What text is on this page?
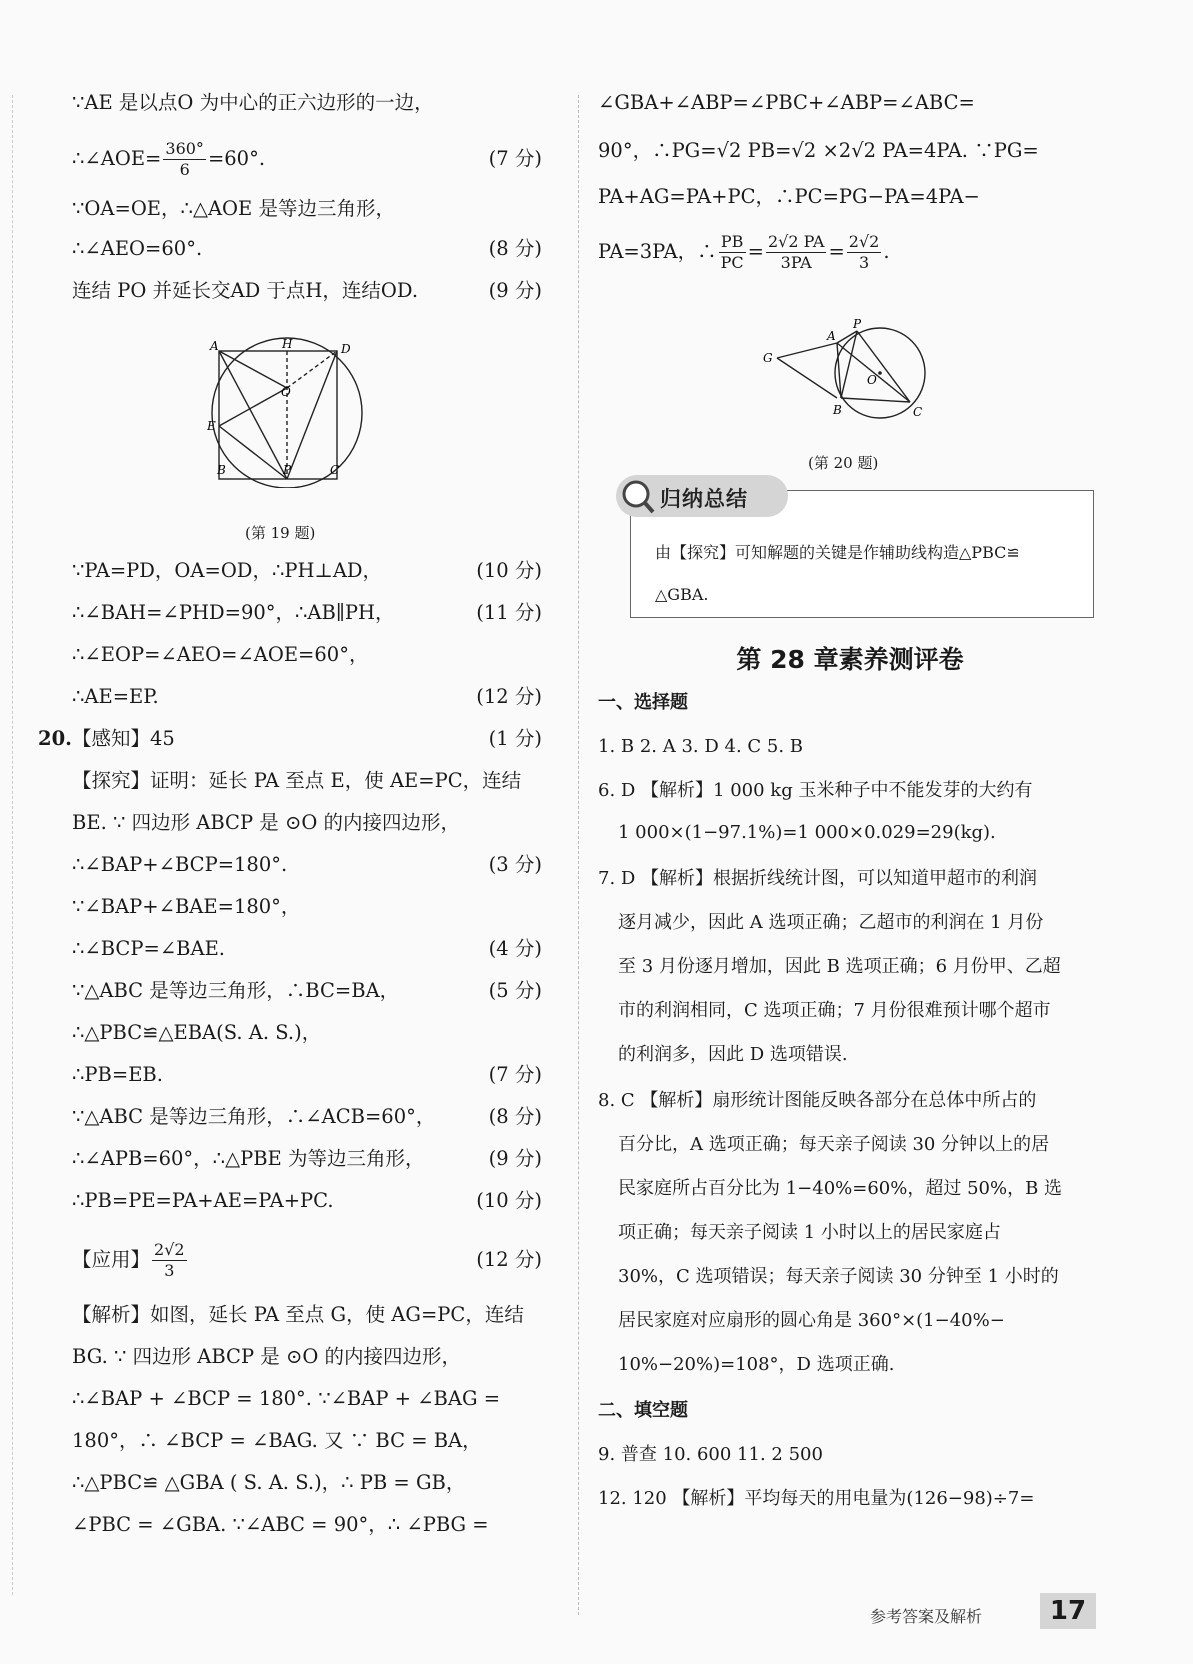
∵AE 是以点O 为中心的正六边形的一边，
∴∠AOE= $\frac{360^\circ}{6} =60^\circ$.	(7 分)
∵OA=OE，∴△AOE 是等边三角形，
∴∠AEO=60°.	(8 分)
连结 PO 并延长交AD 于点H，连结OD.	(9 分)
A	H	D
O
E
B	P	C
(第 19 题)
∵PA=PD，OA=OD，∴PH⊥AD，	(10 分)
∴∠BAH=∠PHD=90°，∴AB∥PH，	(11 分)
∴∠EOP=∠AEO=∠AOE=60°，
∴AE=EP.	(12 分)
20.【感知】45	(1 分)
【探究】证明：延长 PA 至点 E，使 AE=PC，连结
BE. ∵ 四边形 ABCP 是 ⊙O 的内接四边形，
∴∠BAP+∠BCP=180°.	(3 分)
∵∠BAP+∠BAE=180°，
∴∠BCP=∠BAE.	(4 分)
∵△ABC 是等边三角形，∴BC=BA，	(5 分)
∴△PBC≌△EBA(S. A. S.)，
∴PB=EB.	(7 分)
∵△ABC 是等边三角形，∴∠ACB=60°，	(8 分)
∴∠APB=60°，∴△PBE 为等边三角形，	(9 分)
∴PB=PE=PA+AE=PA+PC.	(10 分)
【应用】 $\frac{2√2}{3}$	(12 分)
【解析】如图，延长 PA 至点 G，使 AG=PC，连结
BG. ∵ 四边形 ABCP 是 ⊙O 的内接四边形，
∴∠BAP + ∠BCP = 180°. ∵∠BAP + ∠BAG =
180°，∴ ∠BCP = ∠BAG. 又 ∵ BC = BA，
∴△PBC≌ △GBA ( S. A. S.)，∴ PB = GB，
∠PBC = ∠GBA. ∵∠ABC = 90°，∴ ∠PBG =
∠GBA+∠ABP=∠PBC+∠ABP=∠ABC=
90°，∴PG=√2 PB=√2 ×2√2 PA=4PA. ∵PG=
PA+AG=PA+PC，∴PC=PG−PA=4PA−
PA=3PA，∴ $\frac{PB}{PC} = \frac{2√2 PA}{3PA} = \frac{2√2}{3}$ .
A
P
G
O
B	C
(第 20 题)
归纳总结
由【探究】可知解题的关键是作辅助线构造△PBC≌
△GBA.
第 28 章素养测评卷
一、选择题
1. B 2. A 3. D 4. C 5. B
6. D 【解析】1 000 kg 玉米种子中不能发芽的大约有
1 000×(1−97.1%)=1 000×0.029=29(kg).
7. D 【解析】根据折线统计图，可以知道甲超市的利润
逐月减少，因此 A 选项正确；乙超市的利润在 1 月份
至 3 月份逐月增加，因此 B 选项正确；6 月份甲、乙超
市的利润相同，C 选项正确；7 月份很难预计哪个超市
的利润多，因此 D 选项错误.
8. C 【解析】扇形统计图能反映各部分在总体中所占的
百分比，A 选项正确；每天亲子阅读 30 分钟以上的居
民家庭所占百分比为 1−40%=60%，超过 50%，B 选
项正确；每天亲子阅读 1 小时以上的居民家庭占
30%，C 选项错误；每天亲子阅读 30 分钟至 1 小时的
居民家庭对应扇形的圆心角是 360°×(1−40%−
10%−20%)=108°，D 选项正确.
二、填空题
9. 普查 10. 600 11. 2 500
12. 120 【解析】平均每天的用电量为(126−98)÷7=
参考答案及解析	17
